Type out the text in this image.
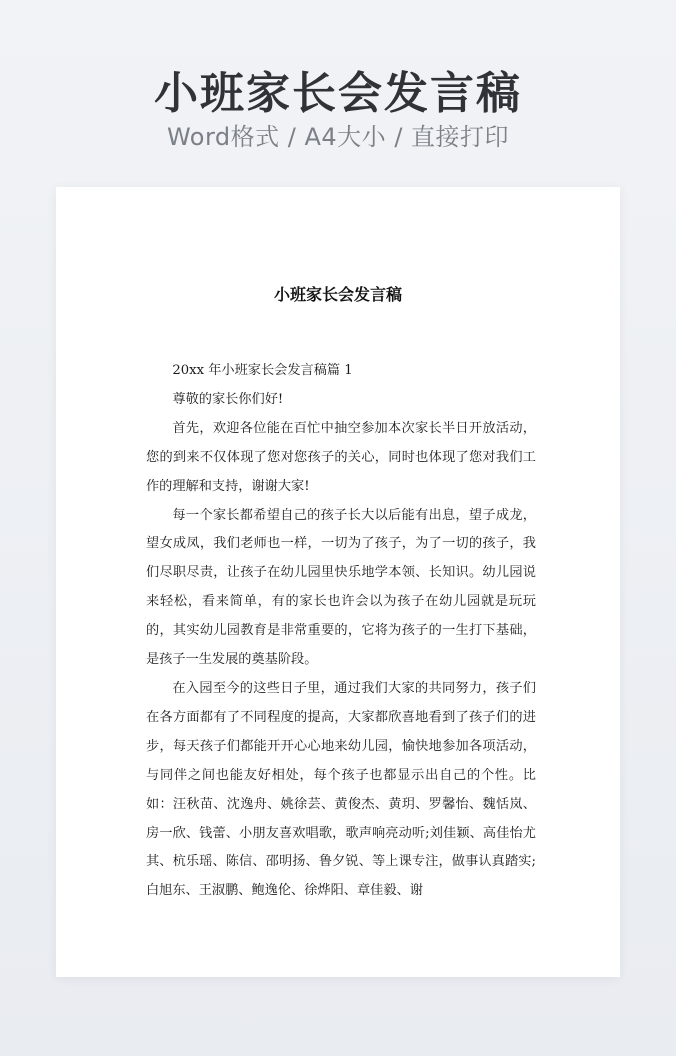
小班家长会发言稿
Word格式 / A4大小 / 直接打印
小班家长会发言稿

20xx 年小班家长会发言稿篇 1

尊敬的家长你们好!

首先，欢迎各位能在百忙中抽空参加本次家长半日开放活动，您的到来不仅体现了您对您孩子的关心，同时也体现了您对我们工作的理解和支持，谢谢大家!

每一个家长都希望自己的孩子长大以后能有出息，望子成龙，望女成凤，我们老师也一样，一切为了孩子，为了一切的孩子，我们尽职尽责，让孩子在幼儿园里快乐地学本领、长知识。幼儿园说来轻松，看来简单，有的家长也许会以为孩子在幼儿园就是玩玩的，其实幼儿园教育是非常重要的，它将为孩子的一生打下基础，是孩子一生发展的奠基阶段。

在入园至今的这些日子里，通过我们大家的共同努力，孩子们在各方面都有了不同程度的提高，大家都欣喜地看到了孩子们的进步，每天孩子们都能开开心心地来幼儿园，愉快地参加各项活动，与同伴之间也能友好相处，每个孩子也都显示出自己的个性。比如：汪秋苗、沈逸舟、姚徐芸、黄俊杰、黄玥、罗馨怡、魏恬岚、房一欣、钱蕾、小朋友喜欢唱歌，歌声响亮动听;刘佳颖、高佳怡尤其、杭乐瑶、陈信、邵明扬、鲁夕锐、等上课专注，做事认真踏实;白旭东、王淑鹏、鲍逸伦、徐烨阳、章佳毅、谢
